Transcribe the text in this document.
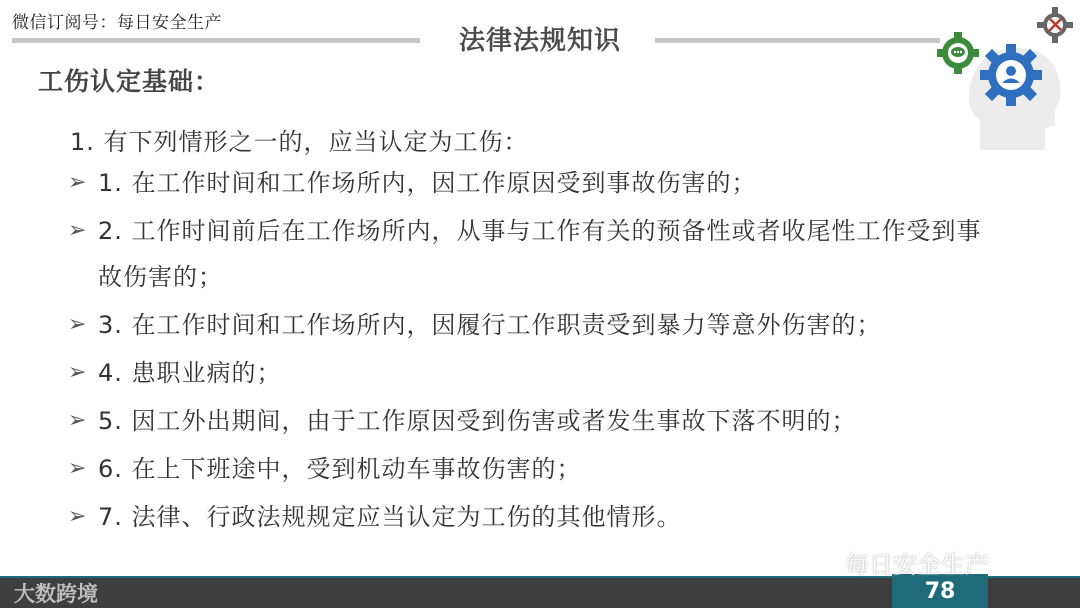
微信订阅号：每日安全生产
法律法规知识
工伤认定基础：
1. 有下列情形之一的，应当认定为工伤：
➢ 1. 在工作时间和工作场所内，因工作原因受到事故伤害的；
➢ 2. 工作时间前后在工作场所内，从事与工作有关的预备性或者收尾性工作受到事故伤害的；
➢ 3. 在工作时间和工作场所内，因履行工作职责受到暴力等意外伤害的；
➢ 4. 患职业病的；
➢ 5. 因工外出期间，由于工作原因受到伤害或者发生事故下落不明的；
➢ 6. 在上下班途中，受到机动车事故伤害的；
➢ 7. 法律、行政法规规定应当认定为工伤的其他情形。
78
每日安全生产
大数跨境
